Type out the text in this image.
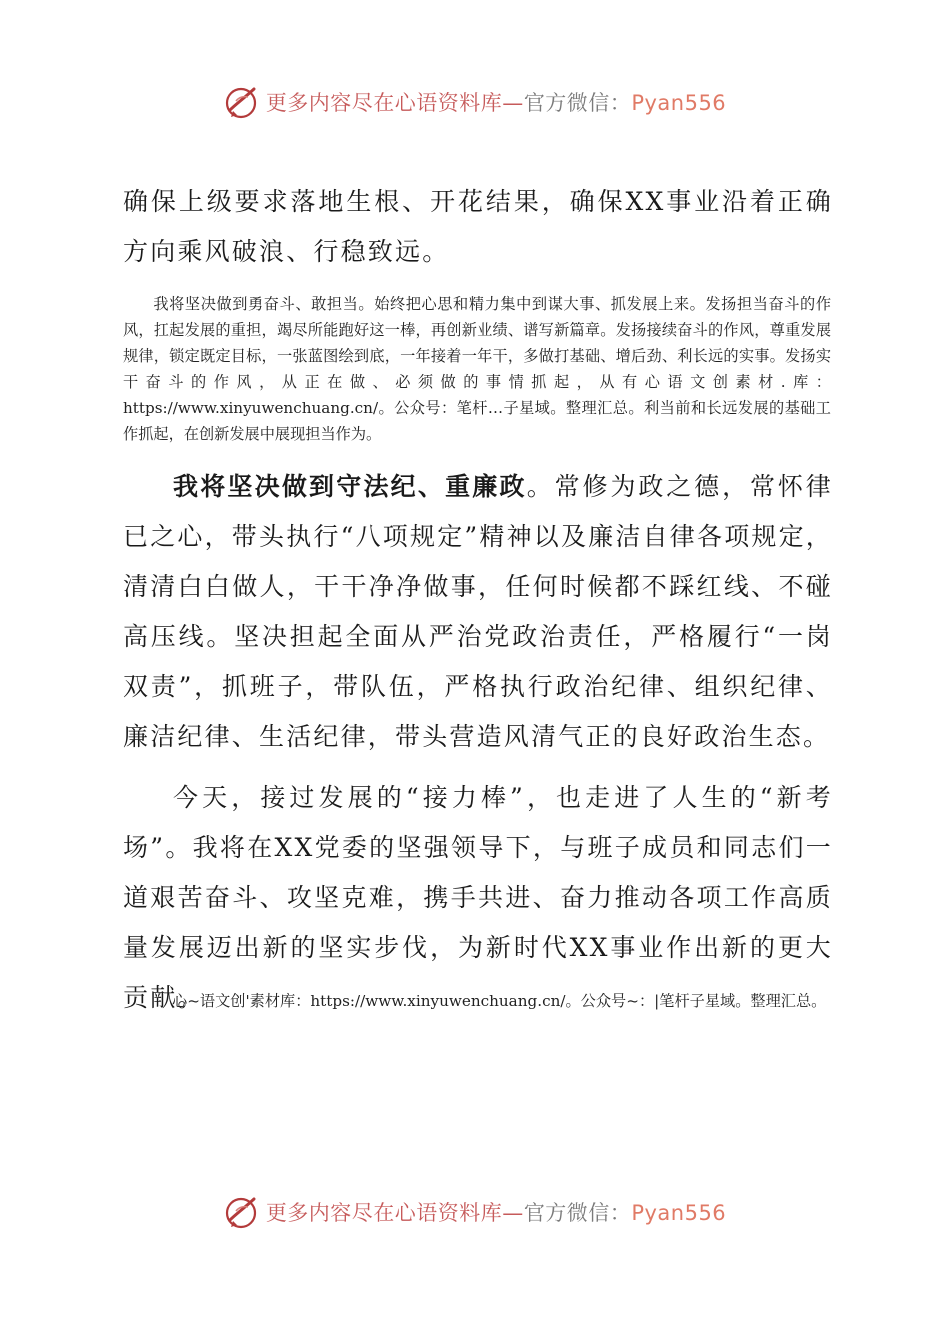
更多内容尽在心语资料库—官方微信：Pyan556
确保上级要求落地生根、开花结果，确保XX事业沿着正确方向乘风破浪、行稳致远。
我将坚决做到勇奋斗、敢担当。始终把心思和精力集中到谋大事、抓发展上来。发扬担当奋斗的作风，扛起发展的重担，竭尽所能跑好这一棒，再创新业绩、谱写新篇章。发扬接续奋斗的作风，尊重发展规律，锁定既定目标，一张蓝图绘到底，一年接着一年干，多做打基础、增后劲、利长远的实事。发扬实干奋斗的作风，从正在做、必须做的事情抓起，从有心语文创素材.库：https://www.xinyuwenchuang.cn/。公众号：笔杆…子星域。整理汇总。利当前和长远发展的基础工作抓起，在创新发展中展现担当作为。
我将坚决做到守法纪、重廉政。常修为政之德，常怀律已之心，带头执行“八项规定”精神以及廉洁自律各项规定，清清白白做人，干干净净做事，任何时候都不踩红线、不碰高压线。坚决担起全面从严治党政治责任，严格履行“一岗双责”，抓班子，带队伍，严格执行政治纪律、组织纪律、廉洁纪律、生活纪律，带头营造风清气正的良好政治生态。
今天，接过发展的“接力棒”，也走进了人生的“新考场”。我将在XX党委的坚强领导下，与班子成员和同志们一道艰苦奋斗、攻坚克难，携手共进、奋力推动各项工作高质量发展迈出新的坚实步伐，为新时代XX事业作出新的更大贡献。
心~语文创'素材库：https://www.xinyuwenchuang.cn/。公众号~：|笔杆子星域。整理汇总。
更多内容尽在心语资料库—官方微信：Pyan556
